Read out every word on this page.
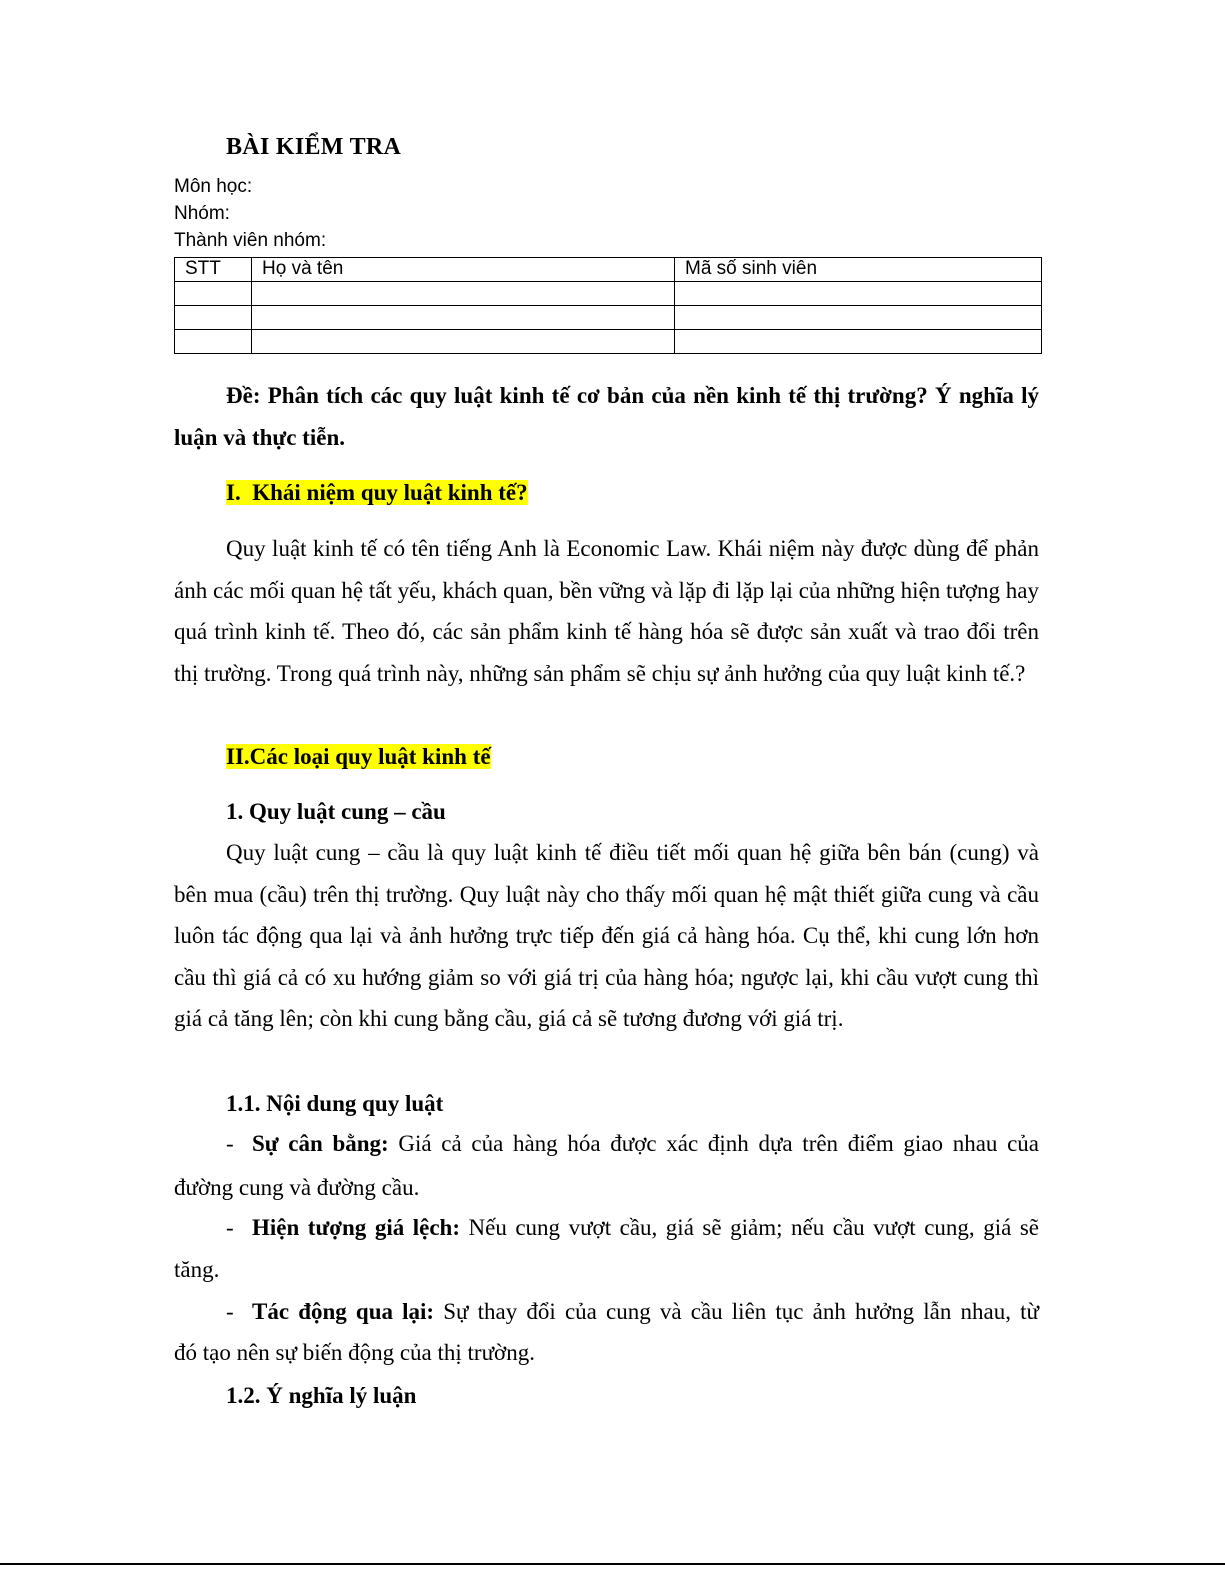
BÀI KIỂM TRA
Môn học:
Nhóm:
Thành viên nhóm:
STT	Họ và tên	Mã số sinh viên

Đề: Phân tích các quy luật kinh tế cơ bản của nền kinh tế thị trường? Ý nghĩa lý luận và thực tiễn.
I.  Khái niệm quy luật kinh tế?
Quy luật kinh tế có tên tiếng Anh là Economic Law. Khái niệm này được dùng để phản ánh các mối quan hệ tất yếu, khách quan, bền vững và lặp đi lặp lại của những hiện tượng hay quá trình kinh tế. Theo đó, các sản phẩm kinh tế hàng hóa sẽ được sản xuất và trao đổi trên thị trường. Trong quá trình này, những sản phẩm sẽ chịu sự ảnh hưởng của quy luật kinh tế.?
II.Các loại quy luật kinh tế
1. Quy luật cung – cầu
Quy luật cung – cầu là quy luật kinh tế điều tiết mối quan hệ giữa bên bán (cung) và bên mua (cầu) trên thị trường. Quy luật này cho thấy mối quan hệ mật thiết giữa cung và cầu luôn tác động qua lại và ảnh hưởng trực tiếp đến giá cả hàng hóa. Cụ thể, khi cung lớn hơn cầu thì giá cả có xu hướng giảm so với giá trị của hàng hóa; ngược lại, khi cầu vượt cung thì giá cả tăng lên; còn khi cung bằng cầu, giá cả sẽ tương đương với giá trị.
1.1. Nội dung quy luật
- Sự cân bằng: Giá cả của hàng hóa được xác định dựa trên điểm giao nhau của
đường cung và đường cầu.
- Hiện tượng giá lệch: Nếu cung vượt cầu, giá sẽ giảm; nếu cầu vượt cung, giá sẽ
tăng.
- Tác động qua lại: Sự thay đổi của cung và cầu liên tục ảnh hưởng lẫn nhau, từ
đó tạo nên sự biến động của thị trường.
1.2. Ý nghĩa lý luận
